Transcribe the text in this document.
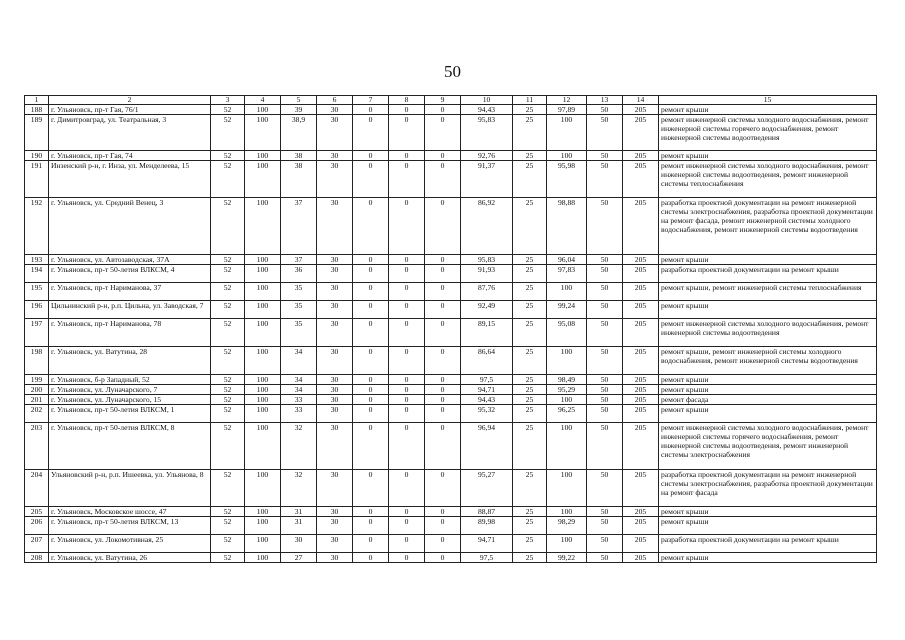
50
1	2	3	4	5	6	7	8	9	10	11	12	13	14	15
188	г. Ульяновск, пр-т Гая, 76/1	52	100	39	30	0	0	0	94,43	25	97,89	50	205	ремонт крыши
189	г. Димитровград, ул. Театральная, 3	52	100	38,9	30	0	0	0	95,83	25	100	50	205	ремонт инженерной системы холодного водоснабжения, ремонт инженерной системы горячего водоснабжения, ремонт инженерной системы водоотведения
190	г. Ульяновск, пр-т Гая, 74	52	100	38	30	0	0	0	92,76	25	100	50	205	ремонт крыши
191	Инзенский р-н, г. Инза, ул. Менделеева, 15	52	100	38	30	0	0	0	91,37	25	95,98	50	205	ремонт инженерной системы холодного водоснабжения, ремонт инженерной системы водоотведения, ремонт инженерной системы теплоснабжения
192	г. Ульяновск, ул. Средний Венец, 3	52	100	37	30	0	0	0	86,92	25	98,88	50	205	разработка проектной документации на ремонт инженерной системы электроснабжения, разработка проектной документации на ремонт фасада, ремонт инженерной системы холодного водоснабжения, ремонт инженерной системы водоотведения
193	г. Ульяновск, ул. Автозаводская, 37А	52	100	37	30	0	0	0	95,83	25	96,04	50	205	ремонт крыши
194	г. Ульяновск, пр-т 50-летия ВЛКСМ, 4	52	100	36	30	0	0	0	91,93	25	97,83	50	205	разработка проектной документации на ремонт крыши
195	г. Ульяновск, пр-т Нариманова, 37	52	100	35	30	0	0	0	87,76	25	100	50	205	ремонт крыши, ремонт инженерной системы теплоснабжения
196	Цильнинский р-н, р.п. Цильна, ул. Заводская, 7	52	100	35	30	0	0	0	92,49	25	99,24	50	205	ремонт крыши
197	г. Ульяновск, пр-т Нариманова, 78	52	100	35	30	0	0	0	89,15	25	95,08	50	205	ремонт инженерной системы холодного водоснабжения, ремонт инженерной системы водоотведения
198	г. Ульяновск, ул. Ватутина, 28	52	100	34	30	0	0	0	86,64	25	100	50	205	ремонт крыши, ремонт инженерной системы холодного водоснабжения, ремонт инженерной системы водоотведения
199	г. Ульяновск, б-р Западный, 52	52	100	34	30	0	0	0	97,5	25	98,49	50	205	ремонт крыши
200	г. Ульяновск, ул. Луначарского, 7	52	100	34	30	0	0	0	94,71	25	95,29	50	205	ремонт крыши
201	г. Ульяновск, ул. Луначарского, 15	52	100	33	30	0	0	0	94,43	25	100	50	205	ремонт фасада
202	г. Ульяновск, пр-т 50-летия ВЛКСМ, 1	52	100	33	30	0	0	0	95,32	25	96,25	50	205	ремонт крыши
203	г. Ульяновск, пр-т 50-летия ВЛКСМ, 8	52	100	32	30	0	0	0	96,94	25	100	50	205	ремонт инженерной системы холодного водоснабжения, ремонт инженерной системы горячего водоснабжения, ремонт инженерной системы водоотведения, ремонт инженерной системы электроснабжения
204	Ульяновский р-н, р.п. Ишеевка, ул. Ульянова, 8	52	100	32	30	0	0	0	95,27	25	100	50	205	разработка проектной документации на ремонт инженерной системы электроснабжения, разработка проектной документации на ремонт фасада
205	г. Ульяновск, Московское шоссе, 47	52	100	31	30	0	0	0	88,87	25	100	50	205	ремонт крыши
206	г. Ульяновск, пр-т 50-летия ВЛКСМ, 13	52	100	31	30	0	0	0	89,98	25	98,29	50	205	ремонт крыши
207	г. Ульяновск, ул. Локомотивная, 25	52	100	30	30	0	0	0	94,71	25	100	50	205	разработка проектной документации на ремонт крыши
208	г. Ульяновск, ул. Ватутина, 26	52	100	27	30	0	0	0	97,5	25	99,22	50	205	ремонт крыши
